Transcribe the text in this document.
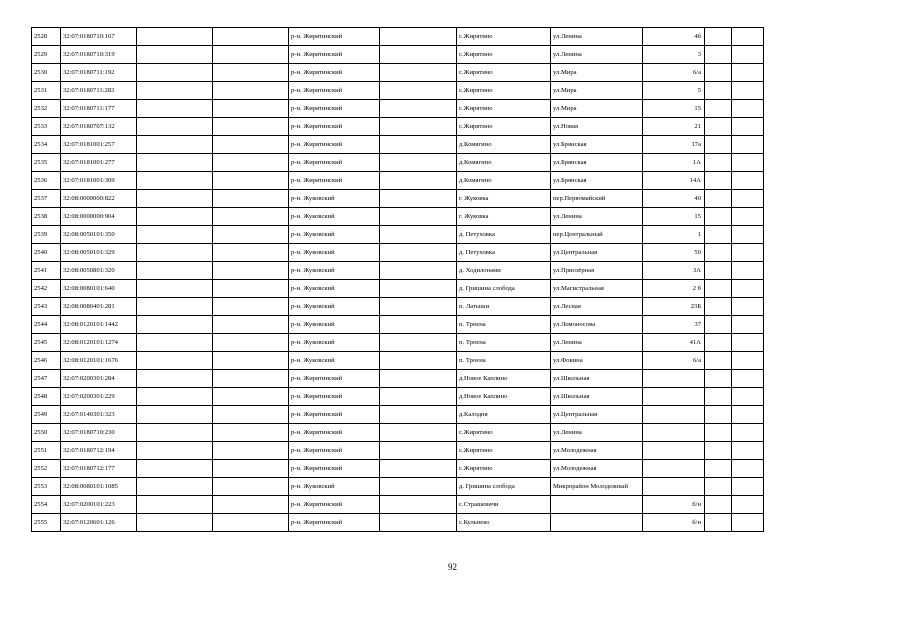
2528	32:07:0180710:167			р-н. Жирятинский		с.Жирятино	ул.Ленина	4б		
2529	32:07:0180710:319			р-н. Жирятинский		с.Жирятино	ул.Ленина	3		
2530	32:07:0180711:192			р-н. Жирятинский		с.Жирятино	ул.Мира	6/а		
2531	32:07:0180711:283			р-н. Жирятинский		с.Жирятино	ул.Мира	5		
2532	32:07:0180711:177			р-н. Жирятинский		с.Жирятино	ул.Мира	15		
2533	32:07:0180707:132			р-н. Жирятинский		с.Жирятино	ул.Новая	21		
2534	32:07:0181001:257			р-н. Жирятинский		д.Комягино	ул.Брянская	17а		
2535	32:07:0181001:277			р-н. Жирятинский		д.Комягино	ул.Брянская	1А		
2536	32:07:0181001:309			р-н. Жирятинский		д.Комягино	ул.Брянская	14А		
2537	32:08:0000000:822			р-н. Жуковский		г. Жуковка	пер.Первомайский	40		
2538	32:08:0000000:904			р-н. Жуковский		г. Жуковка	ул.Ленина	15		
2539	32:08:0050101:350			р-н. Жуковский		д. Петуховка	пер.Центральный	1		
2540	32:08:0050101:329			р-н. Жуковский		д. Петуховка	ул.Центральная	50		
2541	32:08:0050801:320			р-н. Жуковский		д. Ходилонами	ул.Приозёрная	3А		
2542	32:08:0080101:640			р-н. Жуковский		д. Гришина слобода	ул.Магистральная	2 б		
2543	32:08:0080401:281			р-н. Жуковский		п. Латыши	ул.Лесная	23Б		
2544	32:08:0120101:1442			р-н. Жуковский		п. Троена	ул.Ломоносова	37		
2545	32:08:0120101:1274			р-н. Жуковский		п. Троена	ул.Ленина	41А		
2546	32:08:0120101:1676			р-н. Жуковский		п. Троена	ул.Фокина	6/а		
2547	32:07:0200301:284			р-н. Жирятинский		д.Новое Каплино	ул.Школьная			
2548	32:07:0200301:229			р-н. Жирятинский		д.Новое Каплино	ул.Школьная			
2549	32:07:0140301:323			р-н. Жирятинский		д.Калодня	ул.Центральная			
2550	32:07:0180710:230			р-н. Жирятинский		с.Жирятино	ул.Ленина			
2551	32:07:0180712:194			р-н. Жирятинский		с.Жирятино	ул.Молодежная			
2552	32:07:0180712:177			р-н. Жирятинский		с.Жирятино	ул.Молодежная			
2553	32:08:0080101:1085			р-н. Жуковский		д. Гришина слобода	Микрорайон Молодежный			
2554	32:07:0200101:223			р-н. Жирятинский		с.Страшевичи		б/н		
2555	32:07:0120601:126			р-н. Жирятинский		с.Кульнево		б/н		
92
